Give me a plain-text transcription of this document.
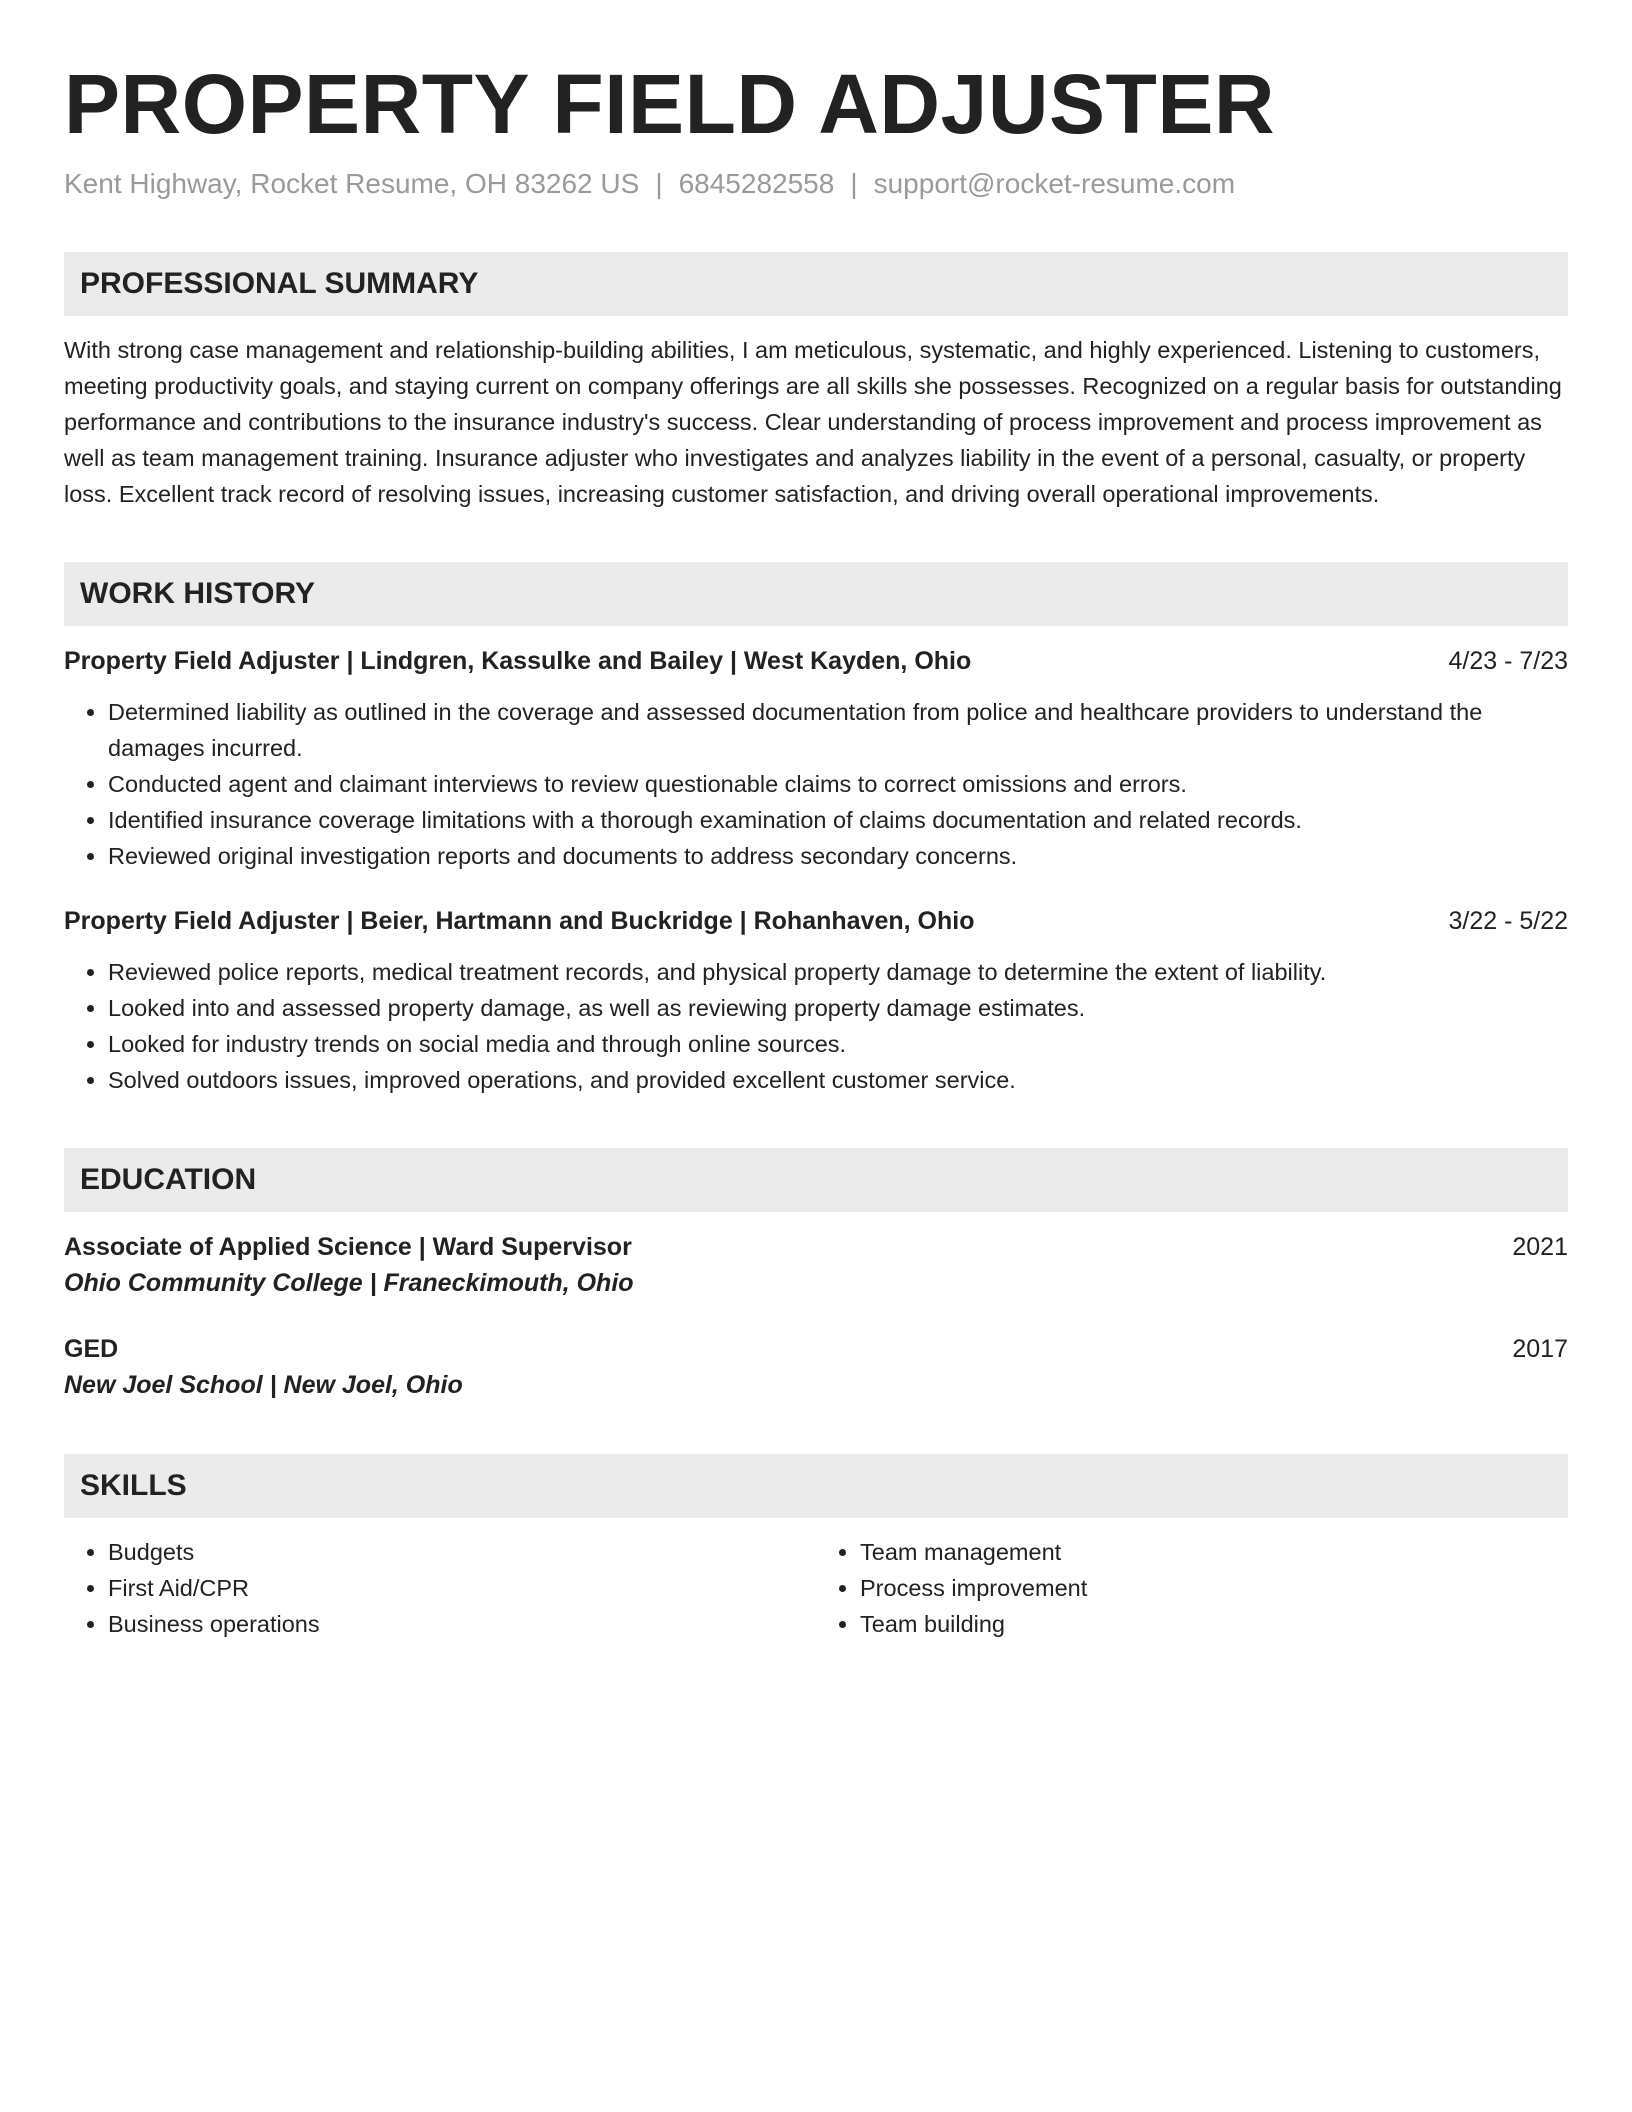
PROPERTY FIELD ADJUSTER
Kent Highway, Rocket Resume, OH 83262 US | 6845282558 | support@rocket-resume.com
PROFESSIONAL SUMMARY
With strong case management and relationship-building abilities, I am meticulous, systematic, and highly experienced. Listening to customers, meeting productivity goals, and staying current on company offerings are all skills she possesses. Recognized on a regular basis for outstanding performance and contributions to the insurance industry's success. Clear understanding of process improvement and process improvement as well as team management training. Insurance adjuster who investigates and analyzes liability in the event of a personal, casualty, or property loss. Excellent track record of resolving issues, increasing customer satisfaction, and driving overall operational improvements.
WORK HISTORY
Property Field Adjuster | Lindgren, Kassulke and Bailey | West Kayden, Ohio	4/23 - 7/23
• Determined liability as outlined in the coverage and assessed documentation from police and healthcare providers to understand the damages incurred.
• Conducted agent and claimant interviews to review questionable claims to correct omissions and errors.
• Identified insurance coverage limitations with a thorough examination of claims documentation and related records.
• Reviewed original investigation reports and documents to address secondary concerns.
Property Field Adjuster | Beier, Hartmann and Buckridge | Rohanhaven, Ohio	3/22 - 5/22
• Reviewed police reports, medical treatment records, and physical property damage to determine the extent of liability.
• Looked into and assessed property damage, as well as reviewing property damage estimates.
• Looked for industry trends on social media and through online sources.
• Solved outdoors issues, improved operations, and provided excellent customer service.
EDUCATION
Associate of Applied Science | Ward Supervisor	2021
Ohio Community College | Franeckimouth, Ohio
GED	2017
New Joel School | New Joel, Ohio
SKILLS
• Budgets
• First Aid/CPR
• Business operations
• Team management
• Process improvement
• Team building
